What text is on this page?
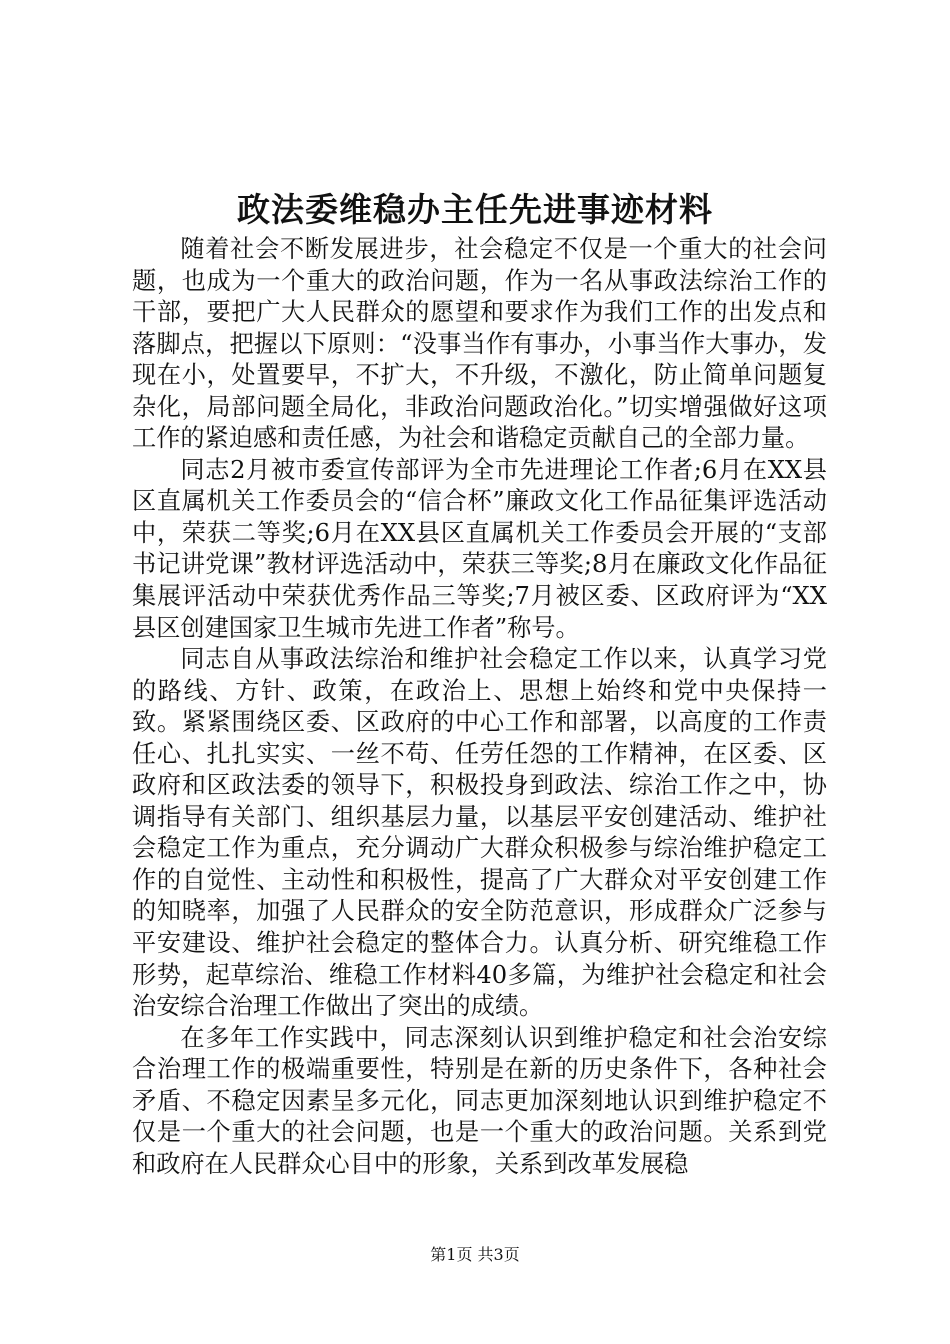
政法委维稳办主任先进事迹材料

随着社会不断发展进步，社会稳定不仅是一个重大的社会问题，也成为一个重大的政治问题，作为一名从事政法综治工作的干部，要把广大人民群众的愿望和要求作为我们工作的出发点和落脚点，把握以下原则：“没事当作有事办，小事当作大事办，发现在小，处置要早，不扩大，不升级，不激化，防止简单问题复杂化，局部问题全局化，非政治问题政治化。”切实增强做好这项工作的紧迫感和责任感，为社会和谐稳定贡献自己的全部力量。

同志2月被市委宣传部评为全市先进理论工作者;6月在XX县区直属机关工作委员会的“信合杯”廉政文化工作品征集评选活动中，荣获二等奖;6月在XX县区直属机关工作委员会开展的“支部书记讲党课”教材评选活动中，荣获三等奖;8月在廉政文化作品征集展评活动中荣获优秀作品三等奖;7月被区委、区政府评为“XX县区创建国家卫生城市先进工作者”称号。

同志自从事政法综治和维护社会稳定工作以来，认真学习党的路线、方针、政策，在政治上、思想上始终和党中央保持一致。紧紧围绕区委、区政府的中心工作和部署，以高度的工作责任心、扎扎实实、一丝不苟、任劳任怨的工作精神，在区委、区政府和区政法委的领导下，积极投身到政法、综治工作之中，协调指导有关部门、组织基层力量，以基层平安创建活动、维护社会稳定工作为重点，充分调动广大群众积极参与综治维护稳定工作的自觉性、主动性和积极性，提高了广大群众对平安创建工作的知晓率，加强了人民群众的安全防范意识，形成群众广泛参与平安建设、维护社会稳定的整体合力。认真分析、研究维稳工作形势，起草综治、维稳工作材料40多篇，为维护社会稳定和社会治安综合治理工作做出了突出的成绩。

在多年工作实践中，同志深刻认识到维护稳定和社会治安综合治理工作的极端重要性，特别是在新的历史条件下，各种社会矛盾、不稳定因素呈多元化，同志更加深刻地认识到维护稳定不仅是一个重大的社会问题，也是一个重大的政治问题。关系到党和政府在人民群众心目中的形象，关系到改革发展稳

第1页 共3页
